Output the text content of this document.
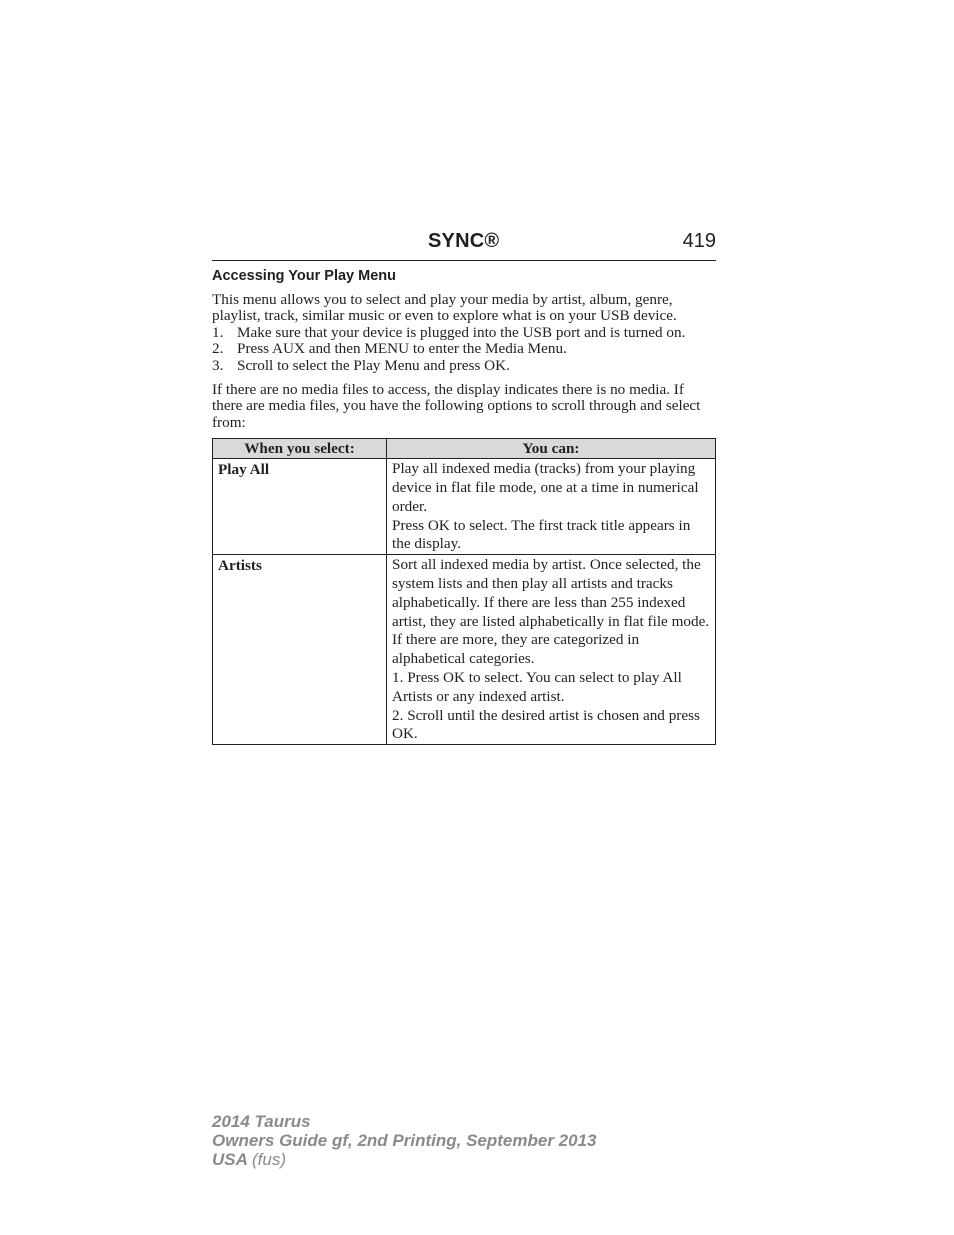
SYNC®	419
Accessing Your Play Menu

This menu allows you to select and play your media by artist, album, genre, playlist, track, similar music or even to explore what is on your USB device.

1. Make sure that your device is plugged into the USB port and is turned on.
2. Press AUX and then MENU to enter the Media Menu.
3. Scroll to select the Play Menu and press OK.

If there are no media files to access, the display indicates there is no media. If there are media files, you have the following options to scroll through and select from:

When you select:	You can:
Play All	Play all indexed media (tracks) from your playing device in flat file mode, one at a time in numerical order.
Press OK to select. The first track title appears in the display.

Artists	Sort all indexed media by artist. Once selected, the system lists and then play all artists and tracks alphabetically. If there are less than 255 indexed artist, they are listed alphabetically in flat file mode. If there are more, they are categorized in alphabetical categories.
1. Press OK to select. You can select to play All Artists or any indexed artist.
2. Scroll until the desired artist is chosen and press OK.
2014 Taurus
Owners Guide gf, 2nd Printing, September 2013
USA (fus)
